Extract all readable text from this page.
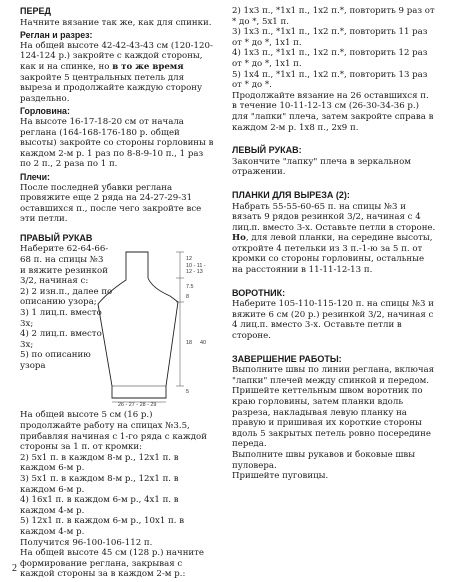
ПЕРЕД

Начните вязание так же, как для спинки.

Реглан и разрез:

На общей высоте 42-42-43-43 см (120-120-124-124 р.) закройте с каждой стороны, как и на спинке, но в то же время закройте 5 центральных петель для выреза и продолжайте каждую сторону раздельно.

Горловина:

На высоте 16-17-18-20 см от начала реглана (164-168-176-180 р. общей высоты) закройте со стороны горловины в каждом 2-м р. 1 раз по 8-8-9-10 п., 1 раз по 2 п., 2 раза по 1 п.

Плечи:

После последней убавки реглана провяжите еще 2 ряда на 24-27-29-31 оставшихся п., после чего закройте все эти петли.

ПРАВЫЙ РУКАВ
Наберите 62-64-66-
68 п. на спицы №3
и вяжите резинкой
3/2, начиная с:
2) 2 изн.п., далее по
описанию узора;
3) 1 лиц.п. вместо
3х;
4) 2 лиц.п. вместо
3х;
5) по описанию
узора
12
10 - 11 -
12 - 13
7.5
8
18 40
5
26 - 27 - 28 - 29

На общей высоте 5 см (16 р.) продолжайте работу на спицах №3.5, прибавляя начиная с 1-го ряда с каждой стороны за 1 п. от кромки:

2) 5х1 п. в каждом 8-м р., 12х1 п. в каждом 6-м р.

3) 5х1 п. в каждом 8-м р., 12х1 п. в каждом 6-м р.

4) 16х1 п. в каждом 6-м р., 4х1 п. в каждом 4-м р.

5) 12х1 п. в каждом 6-м р., 10х1 п. в каждом 4-м р.

Получится 96-100-106-112 п.

На общей высоте 45 см (128 р.) начните формирование реглана, закрывая с каждой стороны за в каждом 2-м р.:

2) 1х3 п., *1х1 п., 1х2 п.*, повторить 9 раз от * до *, 5х1 п.

3) 1х3 п., *1х1 п., 1х2 п.*, повторить 11 раз от * до *, 1х1 п.

4) 1х3 п., *1х1 п., 1х2 п.*, повторить 12 раз от * до *, 1х1 п.

5) 1х4 п., *1х1 п., 1х2 п.*, повторить 13 раз от * до *.

Продолжайте вязание на 26 оставшихся п. в течение 10-11-12-13 см (26-30-34-36 р.) для "лапки" плеча, затем закройте справа в каждом 2-м р. 1х8 п., 2х9 п.

ЛЕВЫЙ РУКАВ:

Закончите "лапку" плеча в зеркальном отражении.

ПЛАНКИ ДЛЯ ВЫРЕЗА (2):

Набрать 55-55-60-65 п. на спицы №3 и вязать 9 рядов резинкой 3/2, начиная с 4 лиц.п. вместо 3-х. Оставьте петли в стороне.

Но, для левой планки, на середине высоты, откройте 4 петельки из 3 п.-1-ю за 5 п. от кромки со стороны горловины, остальные на расстоянии в 11-11-12-13 п.

ВОРОТНИК:

Наберите 105-110-115-120 п. на спицы №3 и вяжите 6 см (20 р.) резинкой 3/2, начиная с 4 лиц.п. вместо 3-х. Оставьте петли в стороне.

ЗАВЕРШЕНИЕ РАБОТЫ:

Выполните швы по линии реглана, включая "лапки" плечей между спинкой и передом.

Пришейте кеттельным швом воротник по краю горловины, затем планки вдоль разреза, накладывая левую планку на правую и пришивая их короткие стороны вдоль 5 закрытых петель ровно посередине переда.

Выполните швы рукавов и боковые швы пуловера.

Пришейте пуговицы.

2
